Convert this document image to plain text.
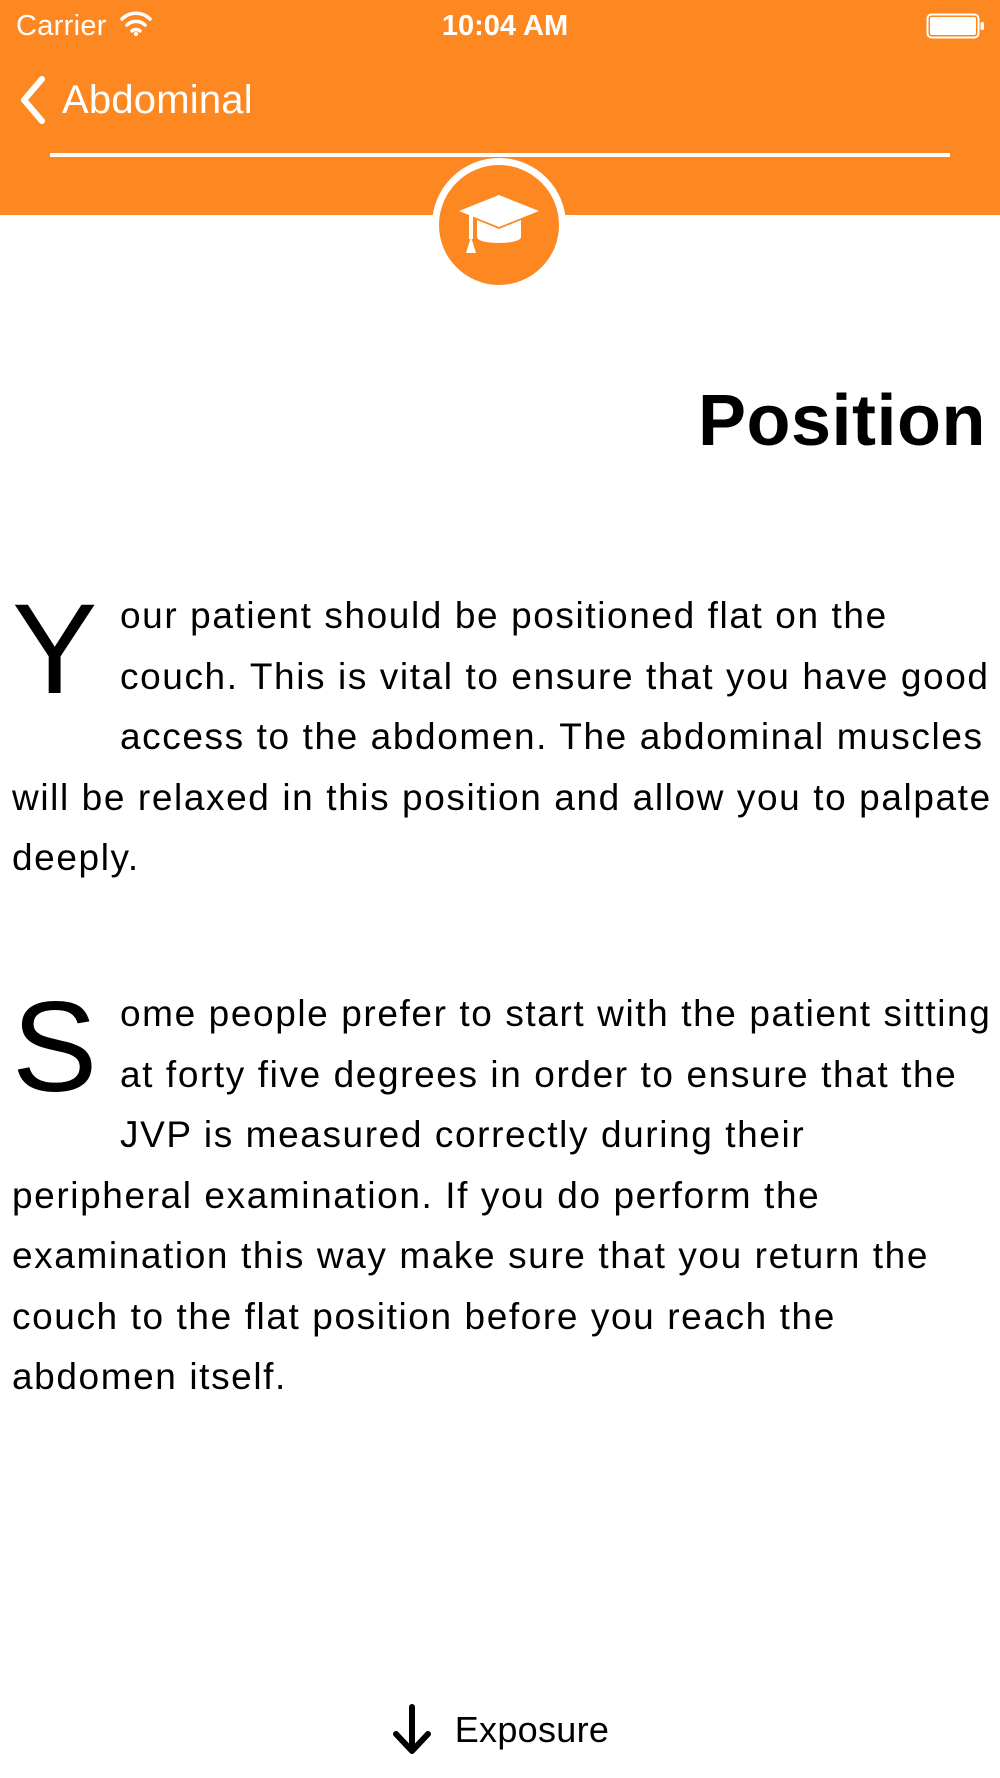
Carrier	10:04 AM
Abdominal
Position

Y our patient should be positioned flat on the couch. This is vital to ensure that you have good access to the abdomen. The abdominal muscles will be relaxed in this position and allow you to palpate deeply.

S ome people prefer to start with the patient sitting at forty five degrees in order to ensure that the JVP is measured correctly during their peripheral examination. If you do perform the examination this way make sure that you return the couch to the flat position before you reach the abdomen itself.

Exposure
